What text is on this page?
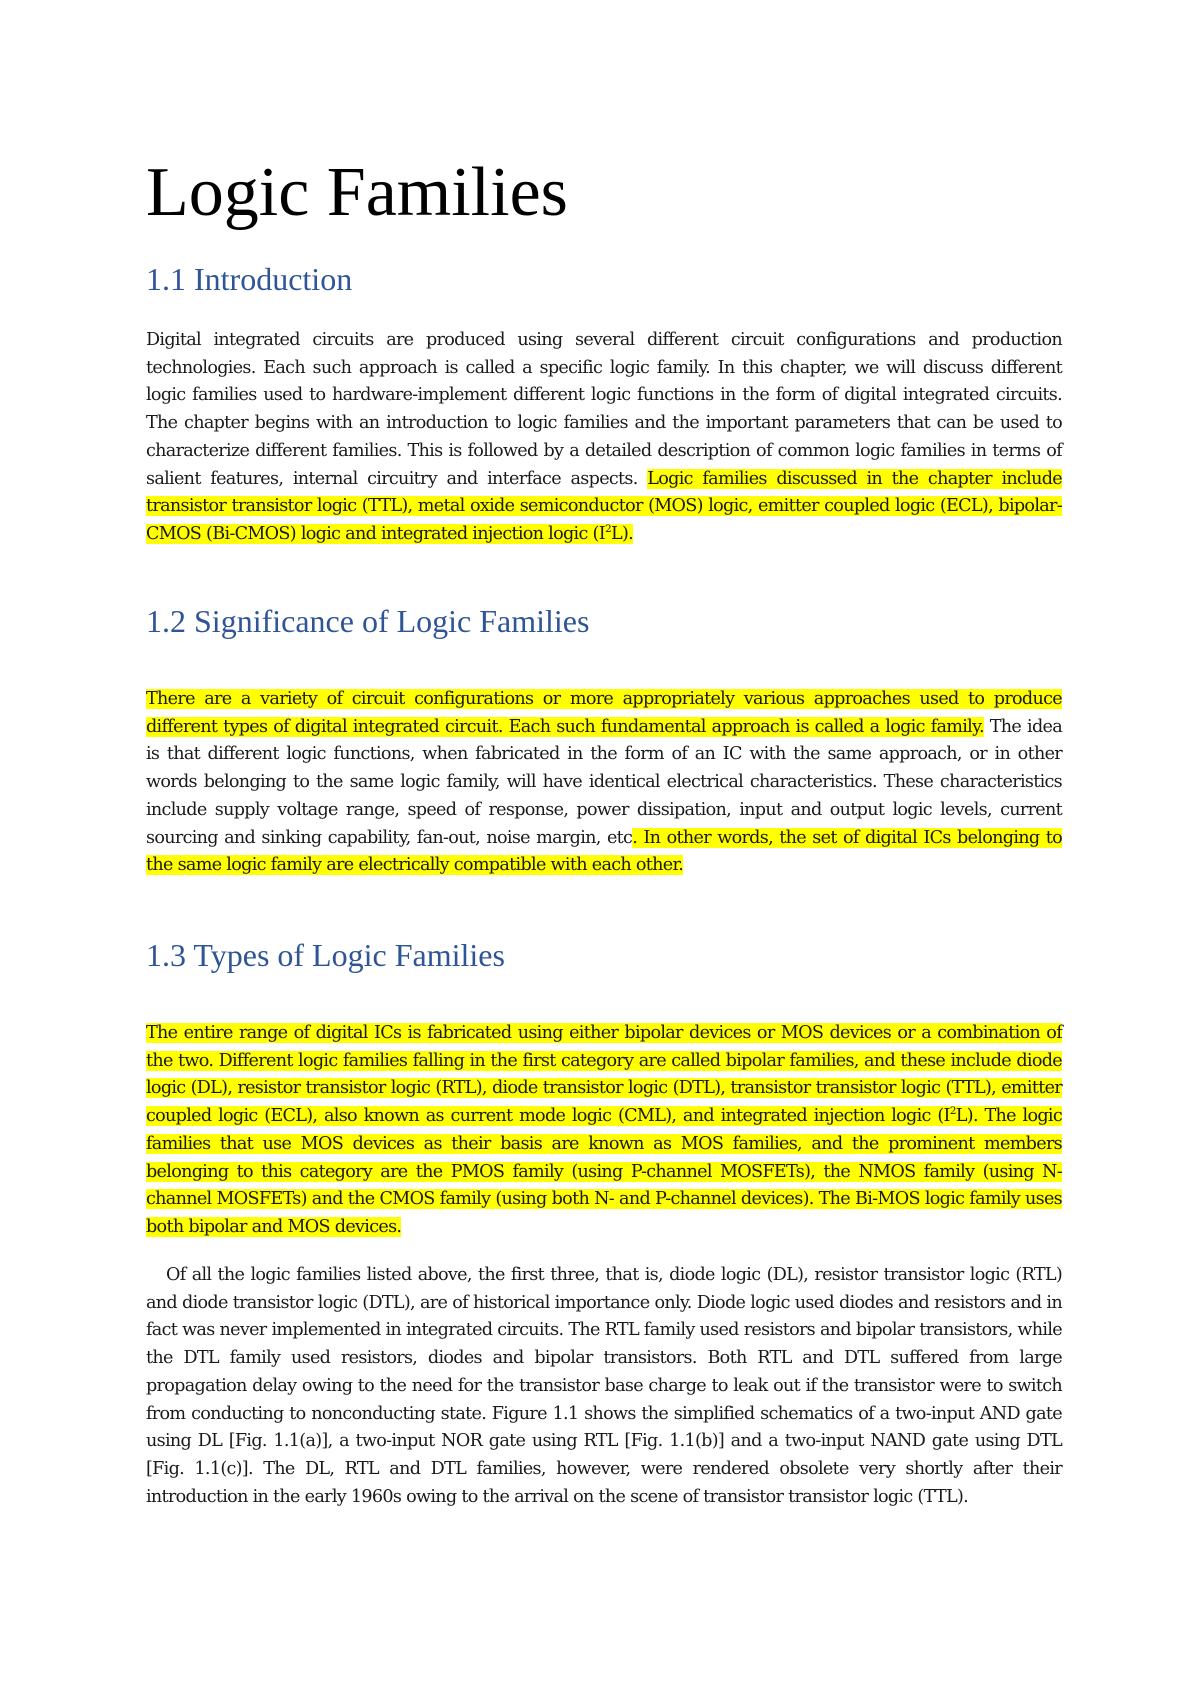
Logic Families
1.1 Introduction

Digital integrated circuits are produced using several different circuit configurations and production technologies. Each such approach is called a specific logic family. In this chapter, we will discuss different logic families used to hardware-implement different logic functions in the form of digital integrated circuits. The chapter begins with an introduction to logic families and the important parameters that can be used to characterize different families. This is followed by a detailed description of common logic families in terms of salient features, internal circuitry and interface aspects. Logic families discussed in the chapter include transistor transistor logic (TTL), metal oxide semiconductor (MOS) logic, emitter coupled logic (ECL), bipolar-CMOS (Bi-CMOS) logic and integrated injection logic $(I^2L)$.

1.2 Significance of Logic Families

There are a variety of circuit configurations or more appropriately various approaches used to produce different types of digital integrated circuit. Each such fundamental approach is called a logic family. The idea is that different logic functions, when fabricated in the form of an IC with the same approach, or in other words belonging to the same logic family, will have identical electrical characteristics. These characteristics include supply voltage range, speed of response, power dissipation, input and output logic levels, current sourcing and sinking capability, fan-out, noise margin, etc. In other words, the set of digital ICs belonging to the same logic family are electrically compatible with each other.

1.3 Types of Logic Families

The entire range of digital ICs is fabricated using either bipolar devices or MOS devices or a combination of the two. Different logic families falling in the first category are called bipolar families, and these include diode logic (DL), resistor transistor logic (RTL), diode transistor logic (DTL), transistor transistor logic (TTL), emitter coupled logic (ECL), also known as current mode logic (CML), and integrated injection logic $(I^2L)$. The logic families that use MOS devices as their basis are known as MOS families, and the prominent members belonging to this category are the PMOS family (using P-channel MOSFETs), the NMOS family (using N-channel MOSFETs) and the CMOS family (using both N- and P-channel devices). The Bi-MOS logic family uses both bipolar and MOS devices.

Of all the logic families listed above, the first three, that is, diode logic (DL), resistor transistor logic (RTL) and diode transistor logic (DTL), are of historical importance only. Diode logic used diodes and resistors and in fact was never implemented in integrated circuits. The RTL family used resistors and bipolar transistors, while the DTL family used resistors, diodes and bipolar transistors. Both RTL and DTL suffered from large propagation delay owing to the need for the transistor base charge to leak out if the transistor were to switch from conducting to nonconducting state. Figure 1.1 shows the simplified schematics of a two-input AND gate using DL [Fig. 1.1(a)], a two-input NOR gate using RTL [Fig. 1.1(b)] and a two-input NAND gate using DTL [Fig. 1.1(c)]. The DL, RTL and DTL families, however, were rendered obsolete very shortly after their introduction in the early 1960s owing to the arrival on the scene of transistor transistor logic (TTL).
